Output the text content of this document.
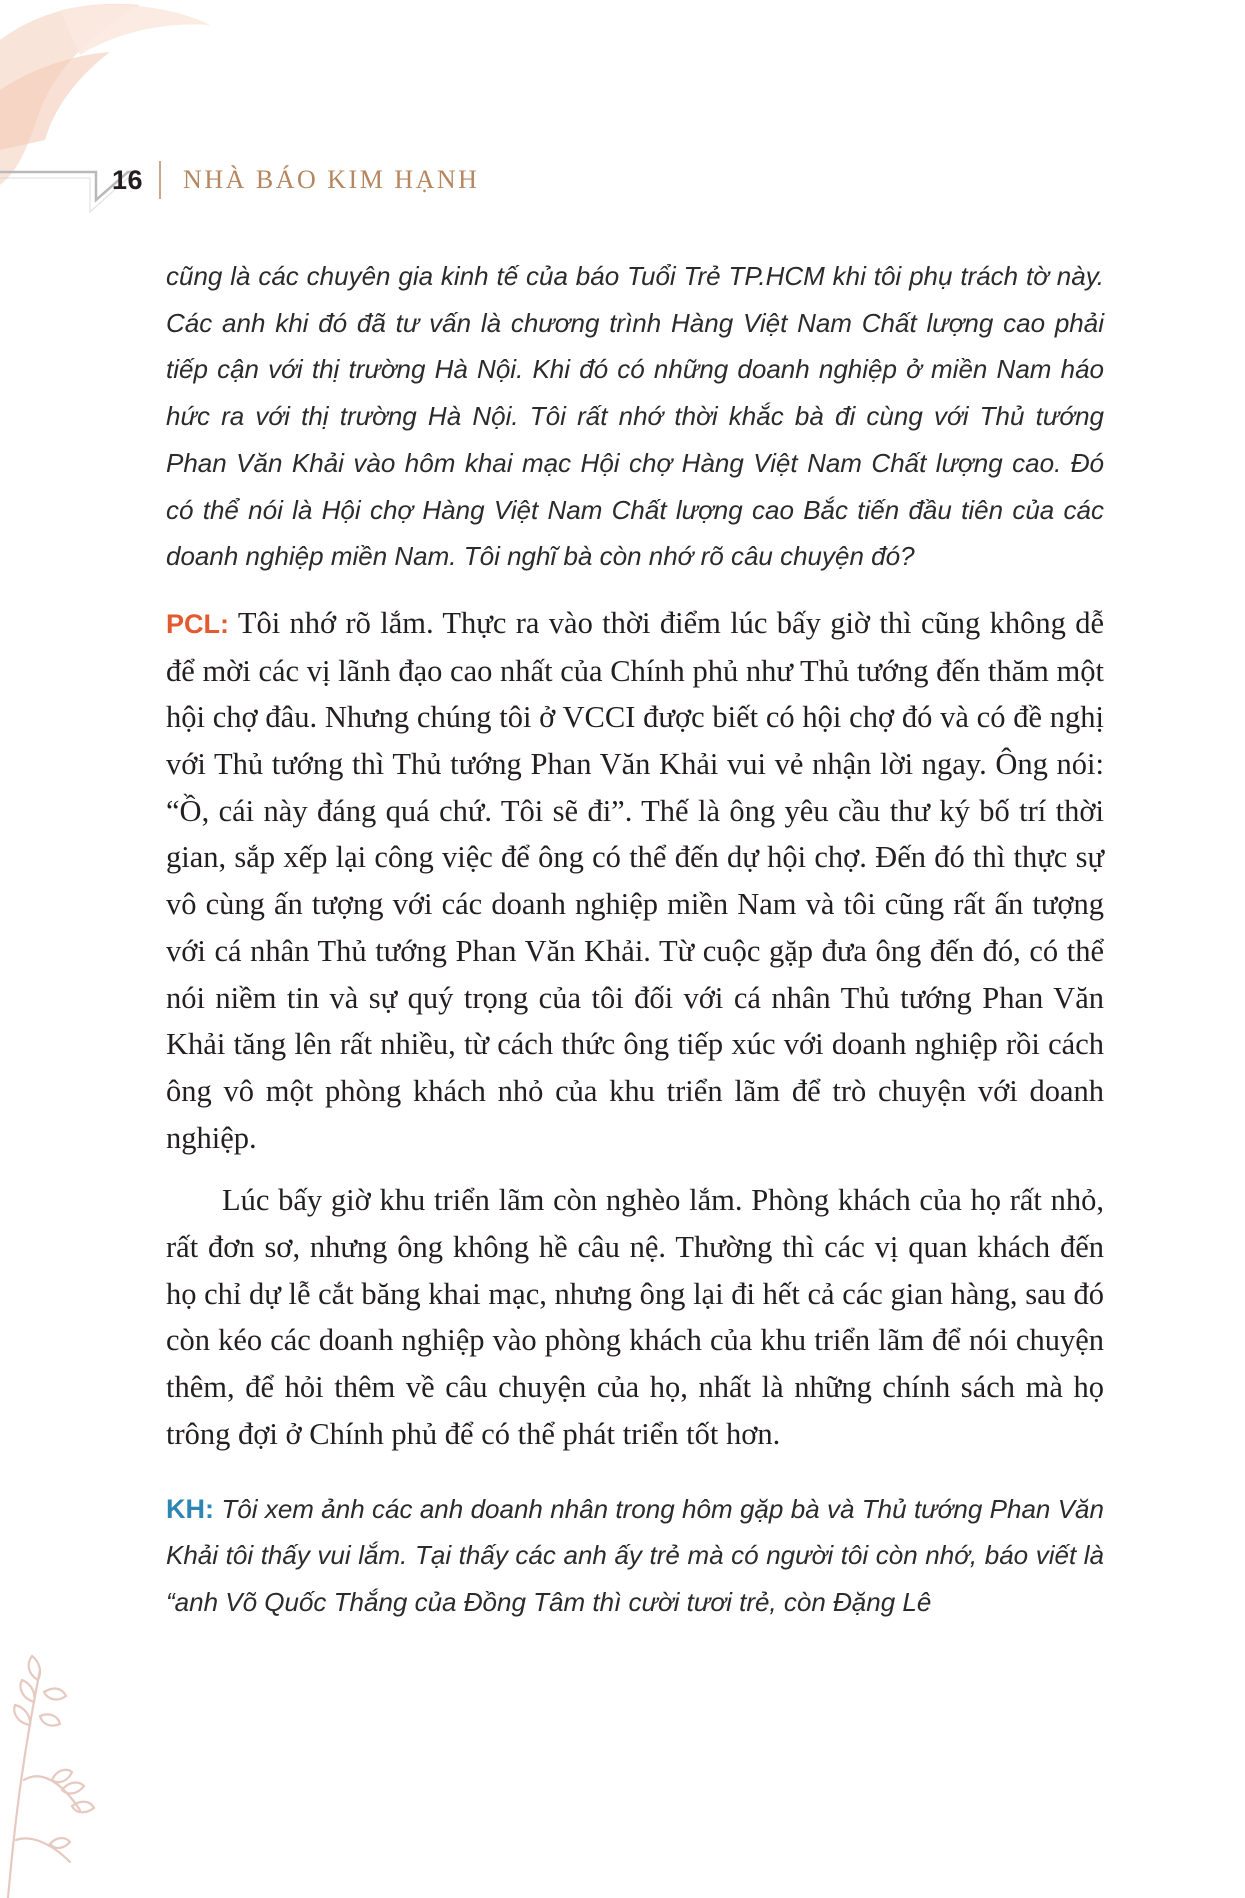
16 NHÀ BÁO KIM HẠNH

cũng là các chuyên gia kinh tế của báo Tuổi Trẻ TP.HCM khi tôi phụ trách tờ này. Các anh khi đó đã tư vấn là chương trình Hàng Việt Nam Chất lượng cao phải tiếp cận với thị trường Hà Nội. Khi đó có những doanh nghiệp ở miền Nam háo hức ra với thị trường Hà Nội. Tôi rất nhớ thời khắc bà đi cùng với Thủ tướng Phan Văn Khải vào hôm khai mạc Hội chợ Hàng Việt Nam Chất lượng cao. Đó có thể nói là Hội chợ Hàng Việt Nam Chất lượng cao Bắc tiến đầu tiên của các doanh nghiệp miền Nam. Tôi nghĩ bà còn nhớ rõ câu chuyện đó?

PCL: Tôi nhớ rõ lắm. Thực ra vào thời điểm lúc bấy giờ thì cũng không dễ để mời các vị lãnh đạo cao nhất của Chính phủ như Thủ tướng đến thăm một hội chợ đâu. Nhưng chúng tôi ở VCCI được biết có hội chợ đó và có đề nghị với Thủ tướng thì Thủ tướng Phan Văn Khải vui vẻ nhận lời ngay. Ông nói: “Ồ, cái này đáng quá chứ. Tôi sẽ đi”. Thế là ông yêu cầu thư ký bố trí thời gian, sắp xếp lại công việc để ông có thể đến dự hội chợ. Đến đó thì thực sự vô cùng ấn tượng với các doanh nghiệp miền Nam và tôi cũng rất ấn tượng với cá nhân Thủ tướng Phan Văn Khải. Từ cuộc gặp đưa ông đến đó, có thể nói niềm tin và sự quý trọng của tôi đối với cá nhân Thủ tướng Phan Văn Khải tăng lên rất nhiều, từ cách thức ông tiếp xúc với doanh nghiệp rồi cách ông vô một phòng khách nhỏ của khu triển lãm để trò chuyện với doanh nghiệp.

Lúc bấy giờ khu triển lãm còn nghèo lắm. Phòng khách của họ rất nhỏ, rất đơn sơ, nhưng ông không hề câu nệ. Thường thì các vị quan khách đến họ chỉ dự lễ cắt băng khai mạc, nhưng ông lại đi hết cả các gian hàng, sau đó còn kéo các doanh nghiệp vào phòng khách của khu triển lãm để nói chuyện thêm, để hỏi thêm về câu chuyện của họ, nhất là những chính sách mà họ trông đợi ở Chính phủ để có thể phát triển tốt hơn.

KH: Tôi xem ảnh các anh doanh nhân trong hôm gặp bà và Thủ tướng Phan Văn Khải tôi thấy vui lắm. Tại thấy các anh ấy trẻ mà có người tôi còn nhớ, báo viết là “anh Võ Quốc Thắng của Đồng Tâm thì cười tươi trẻ, còn Đặng Lê
